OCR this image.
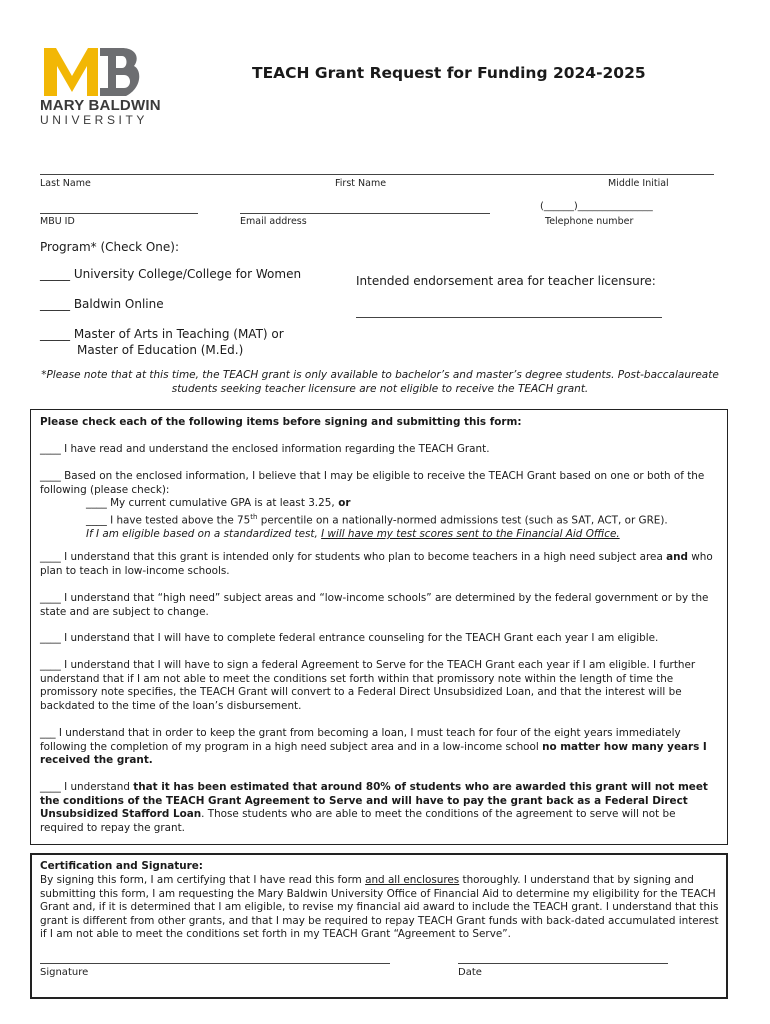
MARY BALDWIN
UNIVERSITY
TEACH Grant Request for Funding 2024-2025
Last Name	First Name	Middle Initial
(______)_______________
MBU ID	Email address	Telephone number
Program* (Check One):
_____ University College/College for Women
_____ Baldwin Online
_____ Master of Arts in Teaching (MAT) or
Master of Education (M.Ed.)
Intended endorsement area for teacher licensure:
*Please note that at this time, the TEACH grant is only available to bachelor’s and master’s degree students. Post-baccalaureate
students seeking teacher licensure are not eligible to receive the TEACH grant.
Please check each of the following items before signing and submitting this form:
____ I have read and understand the enclosed information regarding the TEACH Grant.
____ Based on the enclosed information, I believe that I may be eligible to receive the TEACH Grant based on one or both of the following (please check):
____ My current cumulative GPA is at least 3.25, or
____ I have tested above the 75th percentile on a nationally-normed admissions test (such as SAT, ACT, or GRE).
If I am eligible based on a standardized test, I will have my test scores sent to the Financial Aid Office.
____ I understand that this grant is intended only for students who plan to become teachers in a high need subject area and who plan to teach in low-income schools.
____ I understand that “high need” subject areas and “low-income schools” are determined by the federal government or by the state and are subject to change.
____ I understand that I will have to complete federal entrance counseling for the TEACH Grant each year I am eligible.
____ I understand that I will have to sign a federal Agreement to Serve for the TEACH Grant each year if I am eligible. I further understand that if I am not able to meet the conditions set forth within that promissory note within the length of time the promissory note specifies, the TEACH Grant will convert to a Federal Direct Unsubsidized Loan, and that the interest will be backdated to the time of the loan’s disbursement.
___ I understand that in order to keep the grant from becoming a loan, I must teach for four of the eight years immediately following the completion of my program in a high need subject area and in a low-income school no matter how many years I received the grant.
____ I understand that it has been estimated that around 80% of students who are awarded this grant will not meet the conditions of the TEACH Grant Agreement to Serve and will have to pay the grant back as a Federal Direct Unsubsidized Stafford Loan. Those students who are able to meet the conditions of the agreement to serve will not be required to repay the grant.
Certification and Signature:
By signing this form, I am certifying that I have read this form and all enclosures thoroughly. I understand that by signing and submitting this form, I am requesting the Mary Baldwin University Office of Financial Aid to determine my eligibility for the TEACH Grant and, if it is determined that I am eligible, to revise my financial aid award to include the TEACH grant. I understand that this grant is different from other grants, and that I may be required to repay TEACH Grant funds with back-dated accumulated interest if I am not able to meet the conditions set forth in my TEACH Grant “Agreement to Serve”.
Signature	Date
